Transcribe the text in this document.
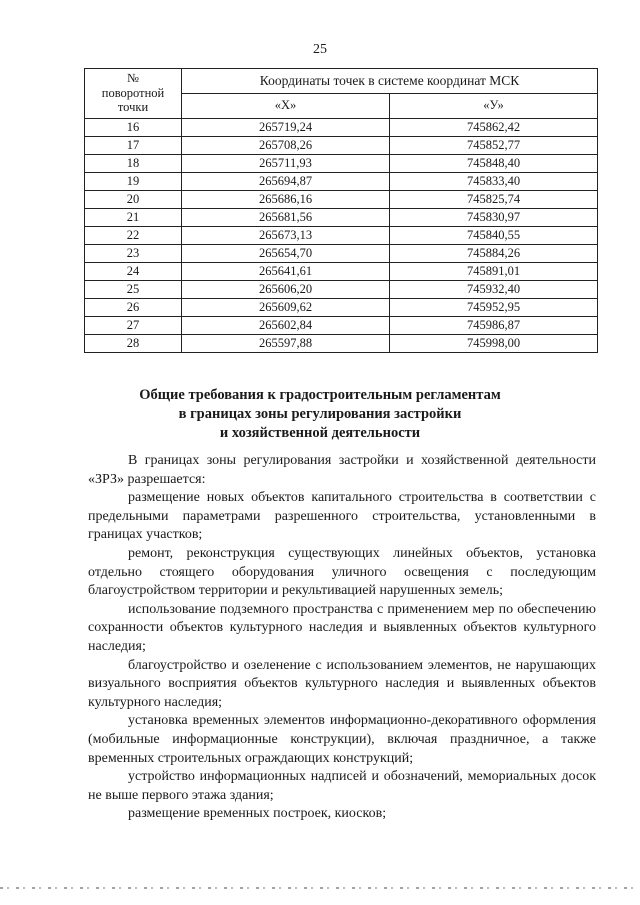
25
№
поворотной
точки	Координаты точек в системе координат МСК	
	«X»	«У»
16	265719,24	745862,42
17	265708,26	745852,77
18	265711,93	745848,40
19	265694,87	745833,40
20	265686,16	745825,74
21	265681,56	745830,97
22	265673,13	745840,55
23	265654,70	745884,26
24	265641,61	745891,01
25	265606,20	745932,40
26	265609,62	745952,95
27	265602,84	745986,87
28	265597,88	745998,00
Общие требования к градостроительным регламентам
в границах зоны регулирования застройки
и хозяйственной деятельности

В границах зоны регулирования застройки и хозяйственной деятельности «ЗРЗ» разрешается:

размещение новых объектов капитального строительства в соответствии с предельными параметрами разрешенного строительства, установленными в границах участков;

ремонт, реконструкция существующих линейных объектов, установка отдельно стоящего оборудования уличного освещения с последующим благоустройством территории и рекультивацией нарушенных земель;

использование подземного пространства с применением мер по обеспечению сохранности объектов культурного наследия и выявленных объектов культурного наследия;

благоустройство и озеленение с использованием элементов, не нарушающих визуального восприятия объектов культурного наследия и выявленных объектов культурного наследия;

установка временных элементов информационно-декоративного оформления (мобильные информационные конструкции), включая праздничное, а также временных строительных ограждающих конструкций;

устройство информационных надписей и обозначений, мемориальных досок не выше первого этажа здания;

размещение временных построек, киосков;
